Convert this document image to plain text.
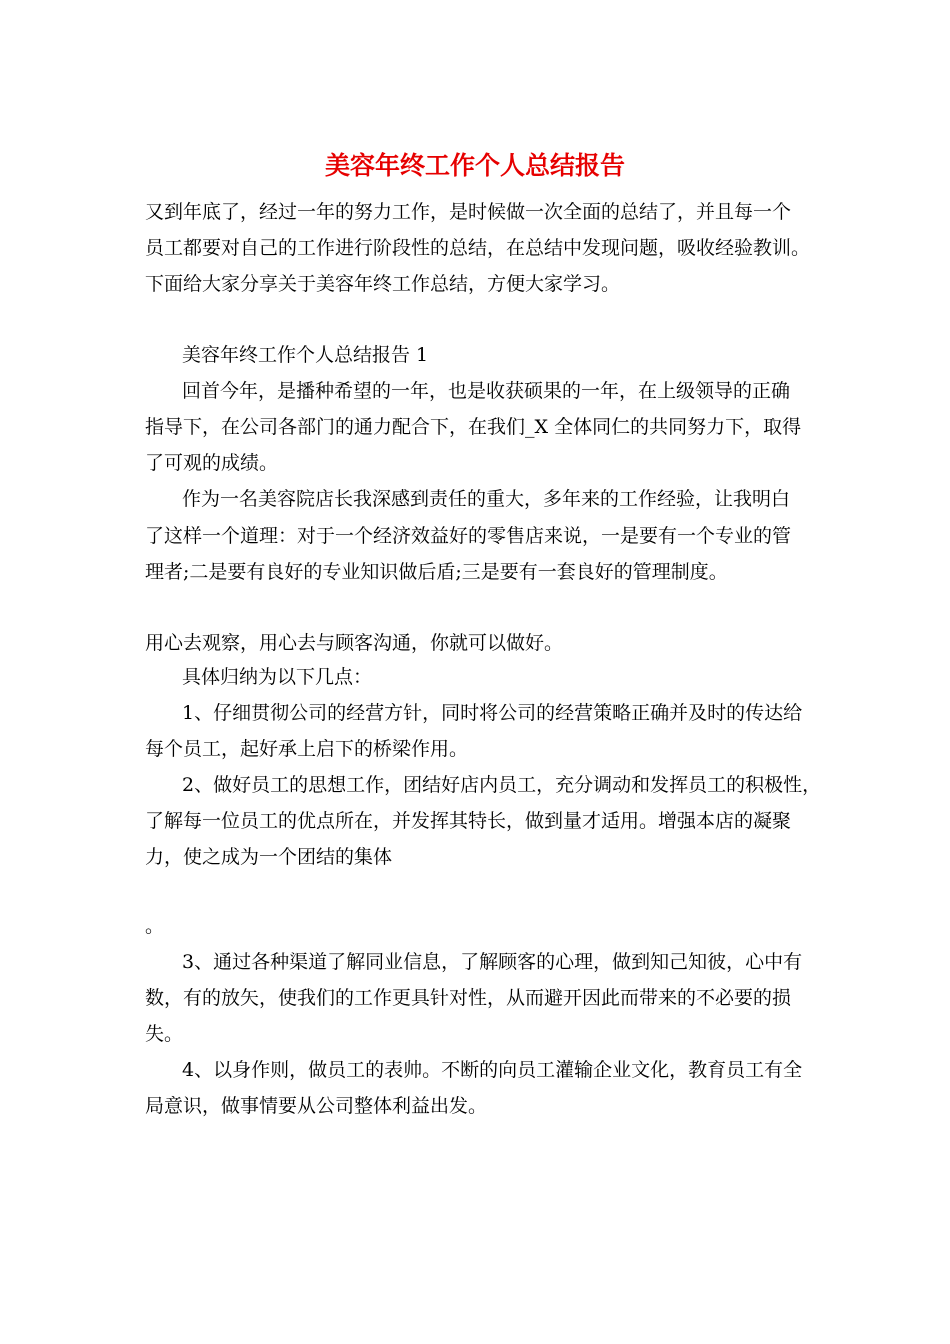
美容年终工作个人总结报告

又到年底了，经过一年的努力工作，是时候做一次全面的总结了，并且每一个

员工都要对自己的工作进行阶段性的总结，在总结中发现问题，吸收经验教训。

下面给大家分享关于美容年终工作总结，方便大家学习。

美容年终工作个人总结报告 1

回首今年，是播种希望的一年，也是收获硕果的一年，在上级领导的正确

指导下，在公司各部门的通力配合下，在我们_X 全体同仁的共同努力下，取得

了可观的成绩。

作为一名美容院店长我深感到责任的重大，多年来的工作经验，让我明白

了这样一个道理：对于一个经济效益好的零售店来说，一是要有一个专业的管

理者;二是要有良好的专业知识做后盾;三是要有一套良好的管理制度。

用心去观察，用心去与顾客沟通，你就可以做好。

具体归纳为以下几点：

1、仔细贯彻公司的经营方针，同时将公司的经营策略正确并及时的传达给

每个员工，起好承上启下的桥梁作用。

2、做好员工的思想工作，团结好店内员工，充分调动和发挥员工的积极性，

了解每一位员工的优点所在，并发挥其特长，做到量才适用。增强本店的凝聚

力，使之成为一个团结的集体

。

3、通过各种渠道了解同业信息，了解顾客的心理，做到知己知彼，心中有

数，有的放矢，使我们的工作更具针对性，从而避开因此而带来的不必要的损

失。

4、以身作则，做员工的表帅。不断的向员工灌输企业文化，教育员工有全

局意识，做事情要从公司整体利益出发。
